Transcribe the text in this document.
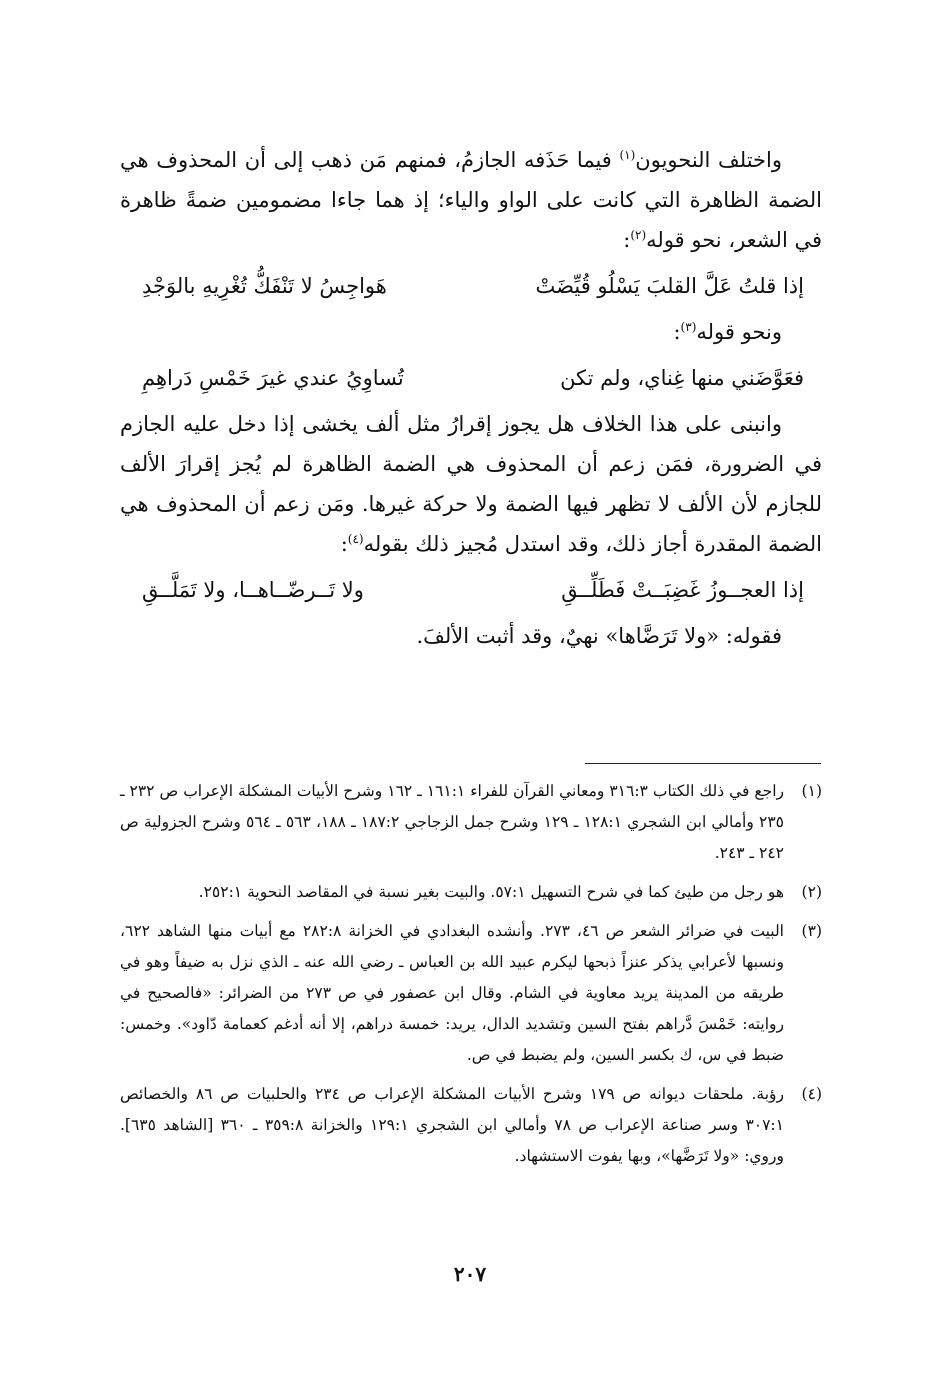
واختلف النحويون$^{(١)}$ فيما حَذَفه الجازمُ، فمنهم مَن ذهب إلى أن المحذوف هي الضمة الظاهرة التي كانت على الواو والياء؛ إذ هما جاءا مضمومين ضمةً ظاهرة في الشعر، نحو قوله$^{(٢)}$:

إذا قلتُ عَلَّ القلبَ يَسْلُو قُيِّضَتْ
هَواجِسُ لا تَنْفَكُّ تُغْرِيهِ بالوَجْدِ

ونحو قوله$^{(٣)}$:

فعَوَّضَني منها غِناي، ولم تكن
تُساوِيُ عندي غيرَ خَمْسِ دَراهِمِ

وانبنى على هذا الخلاف هل يجوز إقرارُ مثل ألف يخشى إذا دخل عليه الجازم في الضرورة، فمَن زعم أن المحذوف هي الضمة الظاهرة لم يُجز إقرارَ الألف للجازم لأن الألف لا تظهر فيها الضمة ولا حركة غيرها. ومَن زعم أن المحذوف هي الضمة المقدرة أجاز ذلك، وقد استدل مُجيز ذلك بقوله$^{(٤)}$:

إذا العجــوزُ غَضِبَــتْ فَطَلِّــقِ
ولا تَــرضّــاهــا، ولا تَمَلَّــقِ

فقوله: «ولا تَرَضَّاها» نهيٌ، وقد أثبت الألفَ.

(١)
راجع في ذلك الكتاب ٣١٦:٣ ومعاني القرآن للفراء ١٦١:١ ـ ١٦٢ وشرح الأبيات المشكلة الإعراب ص ٢٣٢ ـ ٢٣٥ وأمالي ابن الشجري ١٢٨:١ ـ ١٢٩ وشرح جمل الزجاجي ١٨٧:٢ ـ ١٨٨، ٥٦٣ ـ ٥٦٤ وشرح الجزولية ص ٢٤٢ ـ ٢٤٣.
(٢)
هو رجل من طيئ كما في شرح التسهيل ٥٧:١. والبيت بغير نسبة في المقاصد النحوية ٢٥٢:١.
(٣)
البيت في ضرائر الشعر ص ٤٦، ٢٧٣. وأنشده البغدادي في الخزانة ٢٨٢:٨ مع أبيات منها الشاهد ٦٢٢، ونسبها لأعرابي يذكر عنزاً ذبحها ليكرم عبيد الله بن العباس ـ رضي الله عنه ـ الذي نزل به ضيفاً وهو في طريقه من المدينة يريد معاوية في الشام. وقال ابن عصفور في ص ٢٧٣ من الضرائر: «فالصحيح في روايته: خَمْسَ دَّراهم بفتح السين وتشديد الدال، يريد: خمسة دراهم، إلا أنه أدغم كعمامة دّاود». وخمس: ضبط في س، ك بكسر السين، ولم يضبط في ص.
(٤)
رؤبة. ملحقات ديوانه ص ١٧٩ وشرح الأبيات المشكلة الإعراب ص ٢٣٤ والحلبيات ص ٨٦ والخصائص ٣٠٧:١ وسر صناعة الإعراب ص ٧٨ وأمالي ابن الشجري ١٢٩:١ والخزانة ٣٥٩:٨ ـ ٣٦٠ [الشاهد ٦٣٥]. وروي: «ولا تَرَضَّها»، وبها يفوت الاستشهاد.
٢٠٧
